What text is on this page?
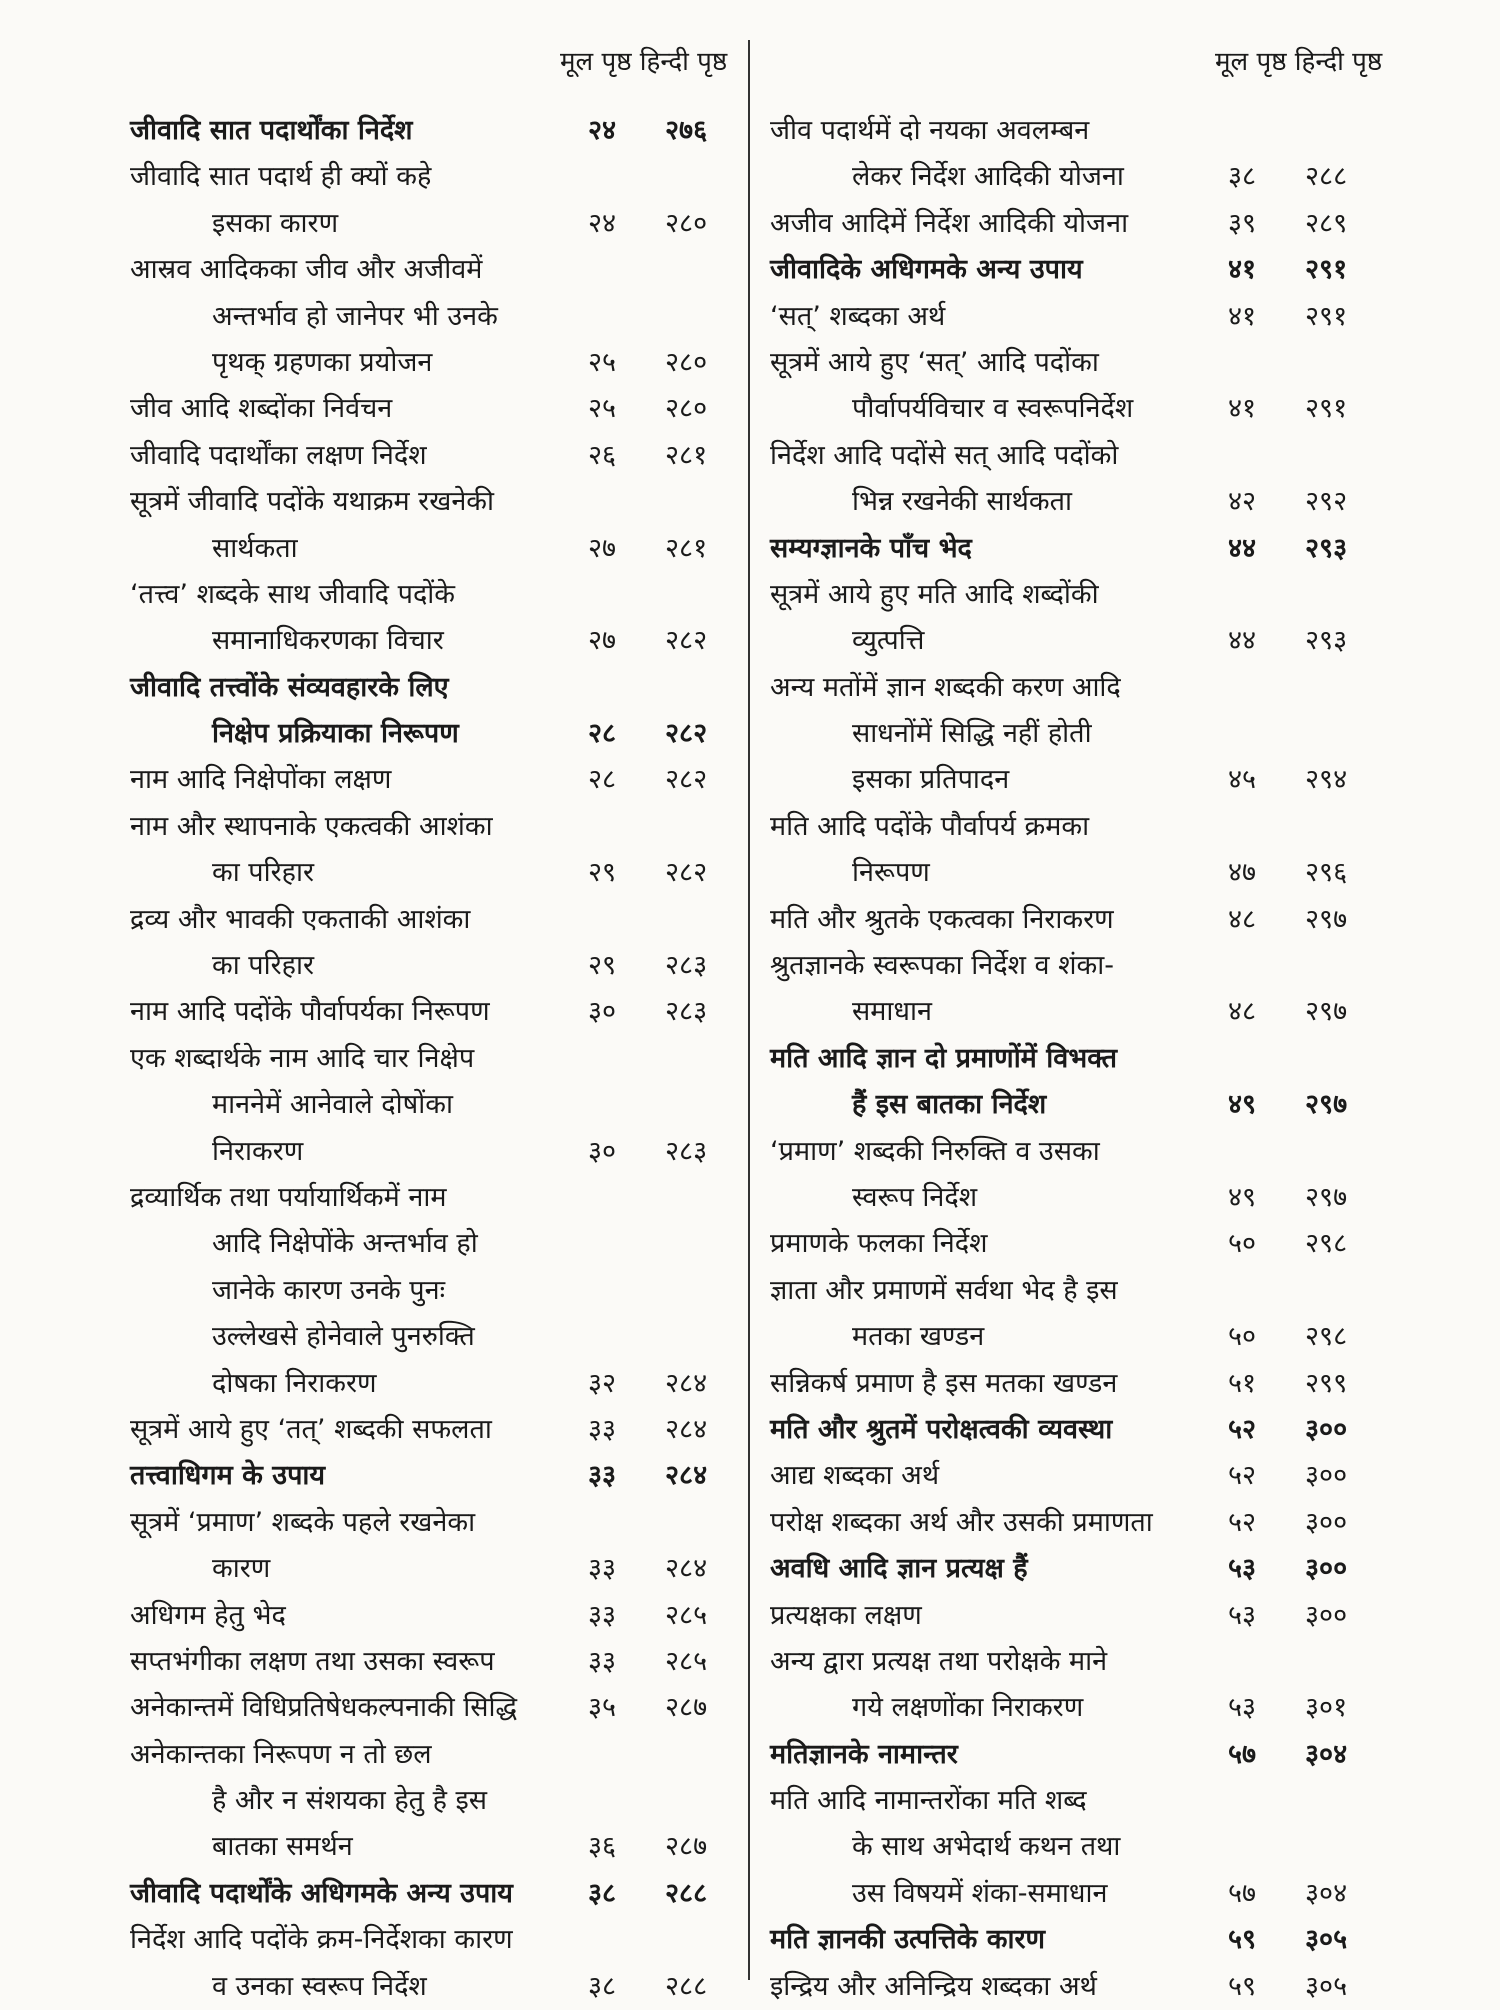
मूल पृष्ठ हिन्दी पृष्ठ	मूल पृष्ठ हिन्दी पृष्ठ
जीवादि सात पदार्थोंका निर्देश	२४	२७६
जीवादि सात पदार्थ ही क्यों कहे
इसका कारण	२४	२८०
आस्रव आदिकका जीव और अजीवमें
अन्तर्भाव हो जानेपर भी उनके
पृथक् ग्रहणका प्रयोजन	२५	२८०
जीव आदि शब्दोंका निर्वचन	२५	२८०
जीवादि पदार्थोंका लक्षण निर्देश	२६	२८१
सूत्रमें जीवादि पदोंके यथाक्रम रखनेकी
सार्थकता	२७	२८१
‘तत्त्व’ शब्दके साथ जीवादि पदोंके
समानाधिकरणका विचार	२७	२८२
जीवादि तत्त्वोंके संव्यवहारके लिए
निक्षेप प्रक्रियाका निरूपण	२८	२८२
नाम आदि निक्षेपोंका लक्षण	२८	२८२
नाम और स्थापनाके एकत्वकी आशंका
का परिहार	२९	२८२
द्रव्य और भावकी एकताकी आशंका
का परिहार	२९	२८३
नाम आदि पदोंके पौर्वापर्यका निरूपण	३०	२८३
एक शब्दार्थके नाम आदि चार निक्षेप
माननेमें आनेवाले दोषोंका
निराकरण	३०	२८३
द्रव्यार्थिक तथा पर्यायार्थिकमें नाम
आदि निक्षेपोंके अन्तर्भाव हो
जानेके कारण उनके पुनः
उल्लेखसे होनेवाले पुनरुक्ति
दोषका निराकरण	३२	२८४
सूत्रमें आये हुए ‘तत्’ शब्दकी सफलता	३३	२८४
तत्त्वाधिगम के उपाय	३३	२८४
सूत्रमें ‘प्रमाण’ शब्दके पहले रखनेका
कारण	३३	२८४
अधिगम हेतु भेद	३३	२८५
सप्तभंगीका लक्षण तथा उसका स्वरूप	३३	२८५
अनेकान्तमें विधिप्रतिषेधकल्पनाकी सिद्धि	३५	२८७
अनेकान्तका निरूपण न तो छल
है और न संशयका हेतु है इस
बातका समर्थन	३६	२८७
जीवादि पदार्थोंके अधिगमके अन्य उपाय	३८	२८८
निर्देश आदि पदोंके क्रम-निर्देशका कारण
व उनका स्वरूप निर्देश	३८	२८८
जीव पदार्थमें दो नयका अवलम्बन
लेकर निर्देश आदिकी योजना	३८	२८८
अजीव आदिमें निर्देश आदिकी योजना	३९	२८९
जीवादिके अधिगमके अन्य उपाय	४१	२९१
‘सत्’ शब्दका अर्थ	४१	२९१
सूत्रमें आये हुए ‘सत्’ आदि पदोंका
पौर्वापर्यविचार व स्वरूपनिर्देश	४१	२९१
निर्देश आदि पदोंसे सत् आदि पदोंको
भिन्न रखनेकी सार्थकता	४२	२९२
सम्यग्ज्ञानके पाँच भेद	४४	२९३
सूत्रमें आये हुए मति आदि शब्दोंकी
व्युत्पत्ति	४४	२९३
अन्य मतोंमें ज्ञान शब्दकी करण आदि
साधनोंमें सिद्धि नहीं होती
इसका प्रतिपादन	४५	२९४
मति आदि पदोंके पौर्वापर्य क्रमका
निरूपण	४७	२९६
मति और श्रुतके एकत्वका निराकरण	४८	२९७
श्रुतज्ञानके स्वरूपका निर्देश व शंका-
समाधान	४८	२९७
मति आदि ज्ञान दो प्रमाणोंमें विभक्त
हैं इस बातका निर्देश	४९	२९७
‘प्रमाण’ शब्दकी निरुक्ति व उसका
स्वरूप निर्देश	४९	२९७
प्रमाणके फलका निर्देश	५०	२९८
ज्ञाता और प्रमाणमें सर्वथा भेद है इस
मतका खण्डन	५०	२९८
सन्निकर्ष प्रमाण है इस मतका खण्डन	५१	२९९
मति और श्रुतमें परोक्षत्वकी व्यवस्था	५२	३००
आद्य शब्दका अर्थ	५२	३००
परोक्ष शब्दका अर्थ और उसकी प्रमाणता	५२	३००
अवधि आदि ज्ञान प्रत्यक्ष हैं	५३	३००
प्रत्यक्षका लक्षण	५३	३००
अन्य द्वारा प्रत्यक्ष तथा परोक्षके माने
गये लक्षणोंका निराकरण	५३	३०१
मतिज्ञानके नामान्तर	५७	३०४
मति आदि नामान्तरोंका मति शब्द
के साथ अभेदार्थ कथन तथा
उस विषयमें शंका-समाधान	५७	३०४
मति ज्ञानकी उत्पत्तिके कारण	५९	३०५
इन्द्रिय और अनिन्द्रिय शब्दका अर्थ	५९	३०५
